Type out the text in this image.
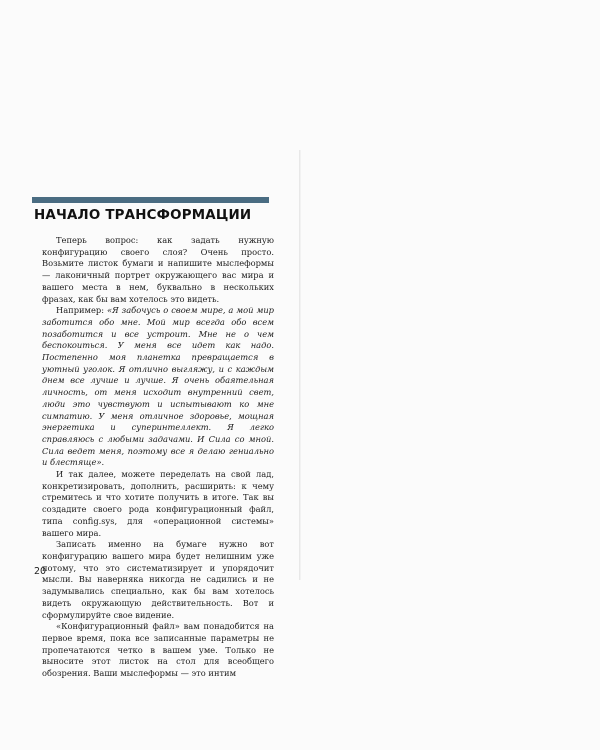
НАЧАЛО ТРАНСФОРМАЦИИ

Теперь вопрос: как задать нужную конфигурацию своего слоя? Очень просто. Возьмите листок бумаги и напишите мыслеформы — лаконичный портрет окружающего вас мира и вашего места в нем, буквально в нескольких фразах, как бы вам хотелось это видеть.

Например: «Я забочусь о своем мире, а мой мир заботится обо мне. Мой мир всегда обо всем позаботится и все устроит. Мне не о чем беспокоиться. У меня все идет как надо. Постепенно моя планетка превращается в уютный уголок. Я отлично выгляжу, и с каждым днем все лучше и лучше. Я очень обаятельная личность, от меня исходит внутренний свет, люди это чувствуют и испытывают ко мне симпатию. У меня отличное здоровье, мощная энергетика и суперинтеллект. Я легко справляюсь с любыми задачами. И Сила со мной. Сила ведет меня, поэтому все я делаю гениально и блестяще».

И так далее, можете переделать на свой лад, конкретизировать, дополнить, расширить: к чему стремитесь и что хотите получить в итоге. Так вы создадите своего рода конфигурационный файл, типа config.sys, для «операционной системы» вашего мира.

Записать именно на бумаге нужно вот конфигурацию вашего мира будет нелишним уже потому, что это систематизирует и упорядочит мысли. Вы наверняка никогда не садились и не задумывались специально, как бы вам хотелось видеть окружающую действительность. Вот и сформулируйте свое видение.

«Конфигурационный файл» вам понадобится на первое время, пока все записанные параметры не пропечатаются четко в вашем уме. Только не выносите этот листок на стол для всеобщего обозрения. Ваши мыслеформы — это интим

20
